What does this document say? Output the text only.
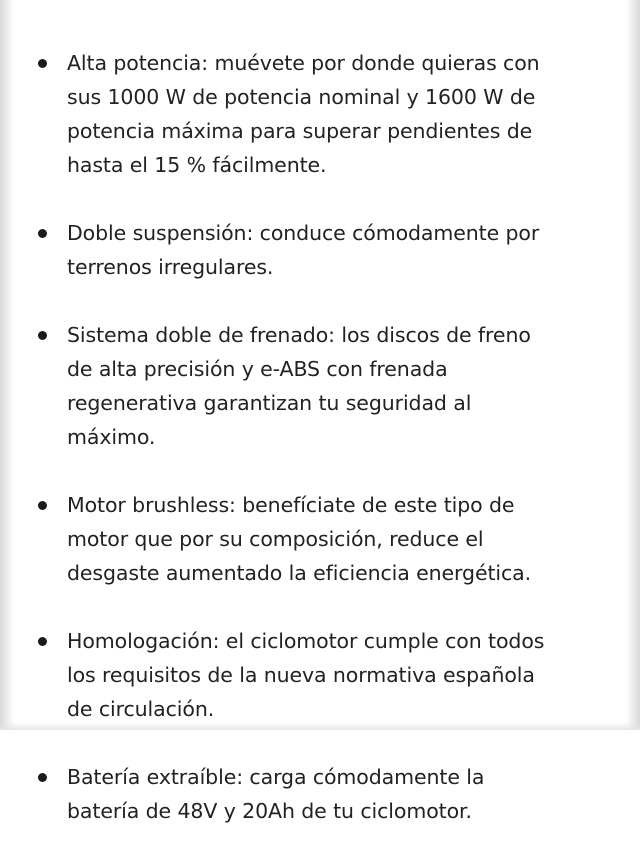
Alta potencia: muévete por donde quieras con
sus 1000 W de potencia nominal y 1600 W de
potencia máxima para superar pendientes de
hasta el 15 % fácilmente.
Doble suspensión: conduce cómodamente por
terrenos irregulares.
Sistema doble de frenado: los discos de freno
de alta precisión y e-ABS con frenada
regenerativa garantizan tu seguridad al
máximo.
Motor brushless: benefíciate de este tipo de
motor que por su composición, reduce el
desgaste aumentado la eficiencia energética.
Homologación: el ciclomotor cumple con todos
los requisitos de la nueva normativa española
de circulación.
Batería extraíble: carga cómodamente la
batería de 48V y 20Ah de tu ciclomotor.
